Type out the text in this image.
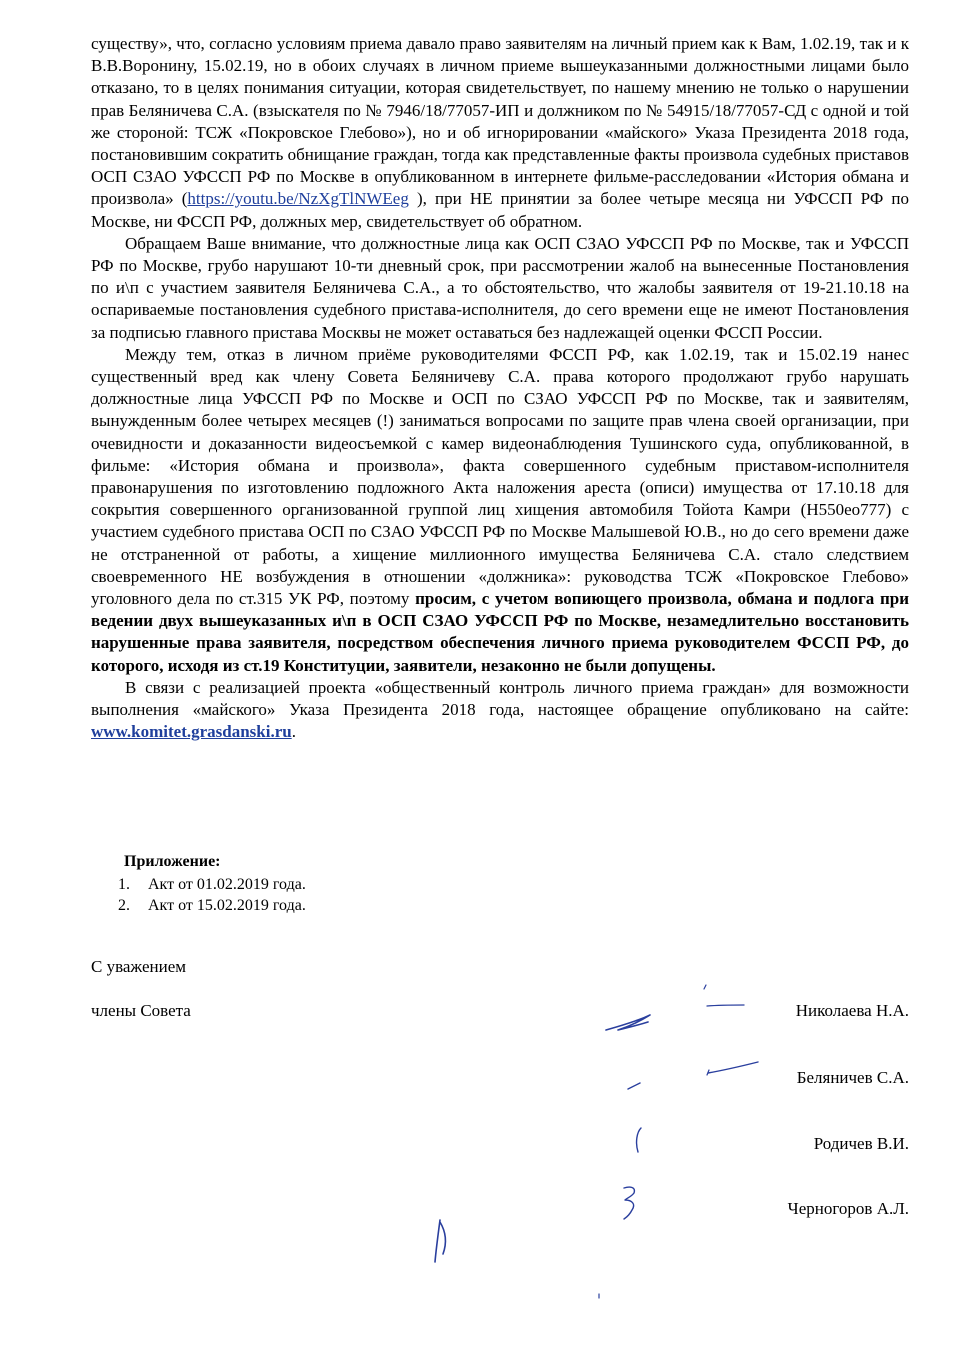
существу», что, согласно условиям приема давало право заявителям на личный прием как к Вам, 1.02.19, так и к В.В.Воронину, 15.02.19, но в обоих случаях в личном приеме вышеуказанными должностными лицами было отказано, то в целях понимания ситуации, которая свидетельствует, по нашему мнению не только о нарушении прав Беляничева С.А. (взыскателя по № 7946/18/77057-ИП и должником по № 54915/18/77057-СД с одной и той же стороной: ТСЖ «Покровское Глебово»), но и об игнорировании «майского» Указа Президента 2018 года, постановившим сократить обнищание граждан, тогда как представленные факты произвола судебных приставов ОСП СЗАО УФССП РФ по Москве в опубликованном в интернете фильме-расследовании «История обмана и произвола» (https://youtu.be/NzXgTlNWEeg ), при НЕ принятии за более четыре месяца ни УФССП РФ по Москве, ни ФССП РФ, должных мер, свидетельствует об обратном.

Обращаем Ваше внимание, что должностные лица как ОСП СЗАО УФССП РФ по Москве, так и УФССП РФ по Москве, грубо нарушают 10-ти дневный срок, при рассмотрении жалоб на вынесенные Постановления по и\п с участием заявителя Беляничева С.А., а то обстоятельство, что жалобы заявителя от 19-21.10.18 на оспариваемые постановления судебного пристава-исполнителя, до сего времени еще не имеют Постановления за подписью главного пристава Москвы не может оставаться без надлежащей оценки ФССП России.

Между тем, отказ в личном приёме руководителями ФССП РФ, как 1.02.19, так и 15.02.19 нанес существенный вред как члену Совета Беляничеву С.А. права которого продолжают грубо нарушать должностные лица УФССП РФ по Москве и ОСП по СЗАО УФССП РФ по Москве, так и заявителям, вынужденным более четырех месяцев (!) заниматься вопросами по защите прав члена своей организации, при очевидности и доказанности видеосъемкой с камер видеонаблюдения Тушинского суда, опубликованной, в фильме: «История обмана и произвола», факта совершенного судебным приставом-исполнителя правонарушения по изготовлению подложного Акта наложения ареста (описи) имущества от 17.10.18 для сокрытия совершенного организованной группой лиц хищения автомобиля Тойота Камри (Н550ео777) с участием судебного пристава ОСП по СЗАО УФССП РФ по Москве Малышевой Ю.В., но до сего времени даже не отстраненной от работы, а хищение миллионного имущества Беляничева С.А. стало следствием своевременного НЕ возбуждения в отношении «должника»: руководства ТСЖ «Покровское Глебово» уголовного дела по ст.315 УК РФ, поэтому просим, с учетом вопиющего произвола, обмана и подлога при ведении двух вышеуказанных и\п в ОСП СЗАО УФССП РФ по Москве, незамедлительно восстановить нарушенные права заявителя, посредством обеспечения личного приема руководителем ФССП РФ, до которого, исходя из ст.19 Конституции, заявители, незаконно не были допущены.

В связи с реализацией проекта «общественный контроль личного приема граждан» для возможности выполнения «майского» Указа Президента 2018 года, настоящее обращение опубликовано на сайте: www.komitet.grasdanski.ru.

Приложение:
1. Акт от 01.02.2019 года.
2. Акт от 15.02.2019 года.
С уважением
члены Совета	Николаева Н.А.
Беляничев С.А.
Родичев В.И.
Черногоров А.Л.
